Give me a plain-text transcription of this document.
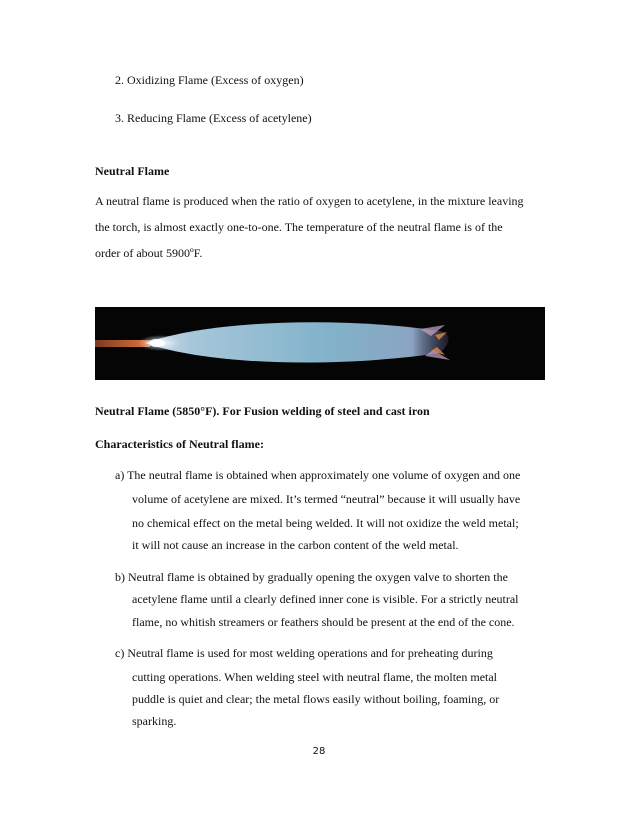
2. Oxidizing Flame (Excess of oxygen)
3. Reducing Flame (Excess of acetylene)
Neutral Flame
A neutral flame is produced when the ratio of oxygen to acetylene, in the mixture leaving
the torch, is almost exactly one-to-one. The temperature of the neutral flame is of the
order of about 5900ºF.
Neutral Flame (5850°F). For Fusion welding of steel and cast iron
Characteristics of Neutral flame:
a) The neutral flame is obtained when approximately one volume of oxygen and one
volume of acetylene are mixed. It’s termed “neutral” because it will usually have
no chemical effect on the metal being welded. It will not oxidize the weld metal;
it will not cause an increase in the carbon content of the weld metal.
b) Neutral flame is obtained by gradually opening the oxygen valve to shorten the
acetylene flame until a clearly defined inner cone is visible. For a strictly neutral
flame, no whitish streamers or feathers should be present at the end of the cone.
c) Neutral flame is used for most welding operations and for preheating during
cutting operations. When welding steel with neutral flame, the molten metal
puddle is quiet and clear; the metal flows easily without boiling, foaming, or
sparking.
28
